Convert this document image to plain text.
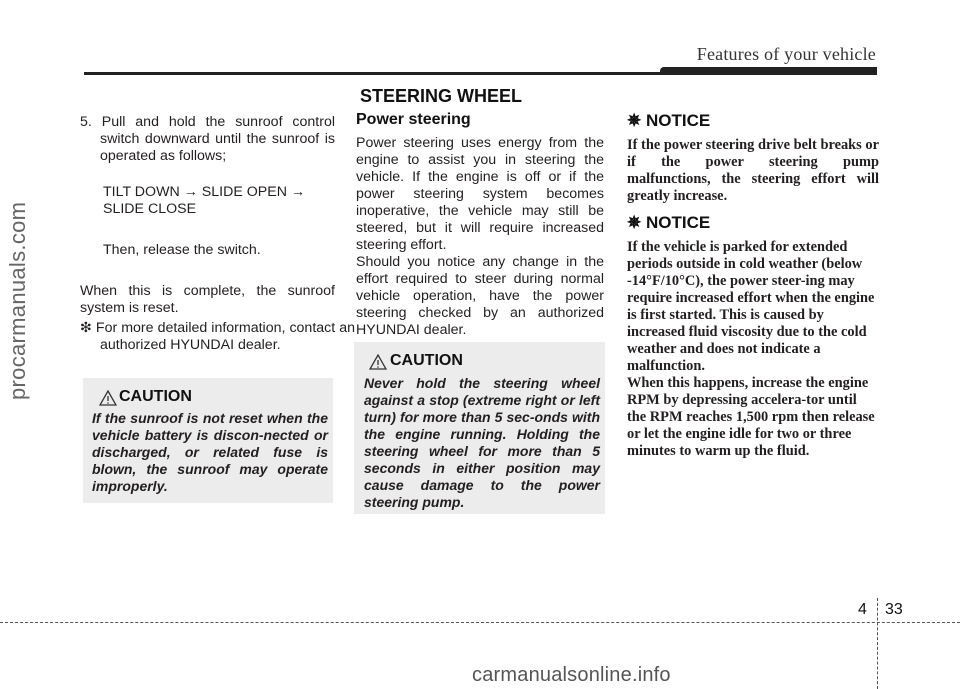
Features of your vehicle
procarmanuals.com
STEERING WHEEL
5. Pull and hold the sunroof control switch downward until the sunroof is operated as follows;
TILT DOWN → SLIDE OPEN →
SLIDE CLOSE
Then, release the switch.
When this is complete, the sunroof system is reset.
❇ For more detailed information, contact an authorized HYUNDAI dealer.
CAUTION
If the sunroof is not reset when the vehicle battery is discon-nected or discharged, or related fuse is blown, the sunroof may operate improperly.
Power steering
Power steering uses energy from the engine to assist you in steering the vehicle. If the engine is off or if the power steering system becomes inoperative, the vehicle may still be steered, but it will require increased steering effort.
Should you notice any change in the effort required to steer during normal vehicle operation, have the power steering checked by an authorized HYUNDAI dealer.
CAUTION
Never hold the steering wheel against a stop (extreme right or left turn) for more than 5 sec-onds with the engine running. Holding the steering wheel for more than 5 seconds in either position may cause damage to the power steering pump.
✵ NOTICE
If the power steering drive belt breaks or if the power steering pump malfunctions, the steering effort will greatly increase.
✵ NOTICE
If the vehicle is parked for extended periods outside in cold weather (below -14°F/10°C), the power steer-ing may require increased effort when the engine is first started. This is caused by increased fluid viscosity due to the cold weather and does not indicate a malfunction.
When this happens, increase the engine RPM by depressing accelera-tor until the RPM reaches 1,500 rpm then release or let the engine idle for two or three minutes to warm up the fluid.
4 33
carmanualsonline.info
